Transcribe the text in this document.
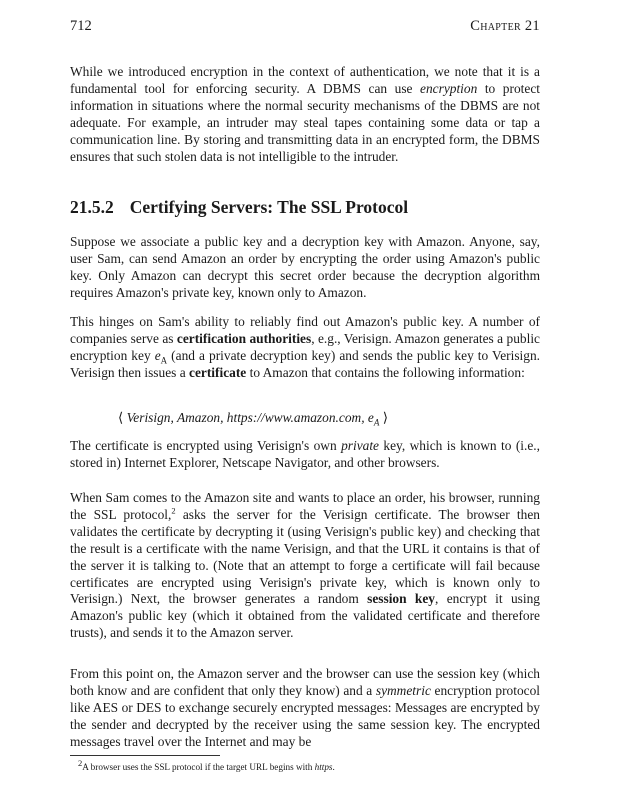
712	Chapter 21

While we introduced encryption in the context of authentication, we note that it is a fundamental tool for enforcing security. A DBMS can use encryption to protect information in situations where the normal security mechanisms of the DBMS are not adequate. For example, an intruder may steal tapes containing some data or tap a communication line. By storing and transmitting data in an encrypted form, the DBMS ensures that such stolen data is not intelligible to the intruder.

21.5.2 Certifying Servers: The SSL Protocol

Suppose we associate a public key and a decryption key with Amazon. Anyone, say, user Sam, can send Amazon an order by encrypting the order using Amazon's public key. Only Amazon can decrypt this secret order because the decryption algorithm requires Amazon's private key, known only to Amazon.

This hinges on Sam's ability to reliably find out Amazon's public key. A number of companies serve as certification authorities, e.g., Verisign. Amazon generates a public encryption key $e_A$ (and a private decryption key) and sends the public key to Verisign. Verisign then issues a certificate to Amazon that contains the following information:

⟨ Verisign, Amazon, https://www.amazon.com, $e_A$ ⟩

The certificate is encrypted using Verisign's own private key, which is known to (i.e., stored in) Internet Explorer, Netscape Navigator, and other browsers.

When Sam comes to the Amazon site and wants to place an order, his browser, running the SSL protocol,$^2$ asks the server for the Verisign certificate. The browser then validates the certificate by decrypting it (using Verisign's public key) and checking that the result is a certificate with the name Verisign, and that the URL it contains is that of the server it is talking to. (Note that an attempt to forge a certificate will fail because certificates are encrypted using Verisign's private key, which is known only to Verisign.) Next, the browser generates a random session key, encrypt it using Amazon's public key (which it obtained from the validated certificate and therefore trusts), and sends it to the Amazon server.

From this point on, the Amazon server and the browser can use the session key (which both know and are confident that only they know) and a symmetric encryption protocol like AES or DES to exchange securely encrypted messages: Messages are encrypted by the sender and decrypted by the receiver using the same session key. The encrypted messages travel over the Internet and may be

$^2$A browser uses the SSL protocol if the target URL begins with https.
